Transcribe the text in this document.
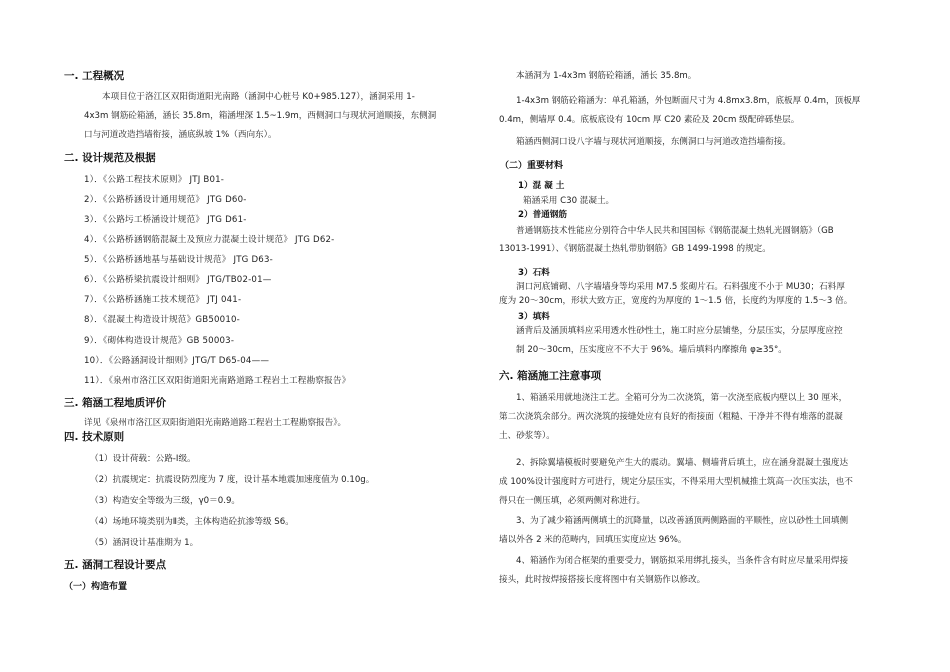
一. 工程概况
本项目位于洛江区双阳街道阳光南路（涵洞中心桩号 K0+985.127），涵洞采用 1-
4x3m 钢筋砼箱涵，涵长 35.8m，箱涵埋深 1.5~1.9m，西侧洞口与现状河道顺接，东侧洞
口与河道改造挡墙衔接，涵底纵坡 1%（西向东）。
二. 设计规范及根据
1）．《公路工程技术原则》 JTJ B01-
2）．《公路桥涵设计通用规范》 JTG D60-
3）．《公路圬工桥涵设计规范》 JTG D61-
4）．《公路桥涵钢筋混凝土及预应力混凝土设计规范》 JTG D62-
5）．《公路桥涵地基与基础设计规范》 JTG D63-
6）．《公路桥梁抗震设计细则》 JTG/TB02-01—
7）．《公路桥涵施工技术规范》 JTJ 041-
8）．《混凝土构造设计规范》GB50010-
9）．《砌体构造设计规范》GB 50003-
10）．《公路涵洞设计细则》JTG/T D65-04——
11）．《泉州市洛江区双阳街道阳光南路道路工程岩土工程勘察报告》
三. 箱涵工程地质评价
详见《泉州市洛江区双阳街道阳光南路道路工程岩土工程勘察报告》。
四. 技术原则
（1）设计荷载：公路-Ⅰ级。
（2）抗震规定：抗震设防烈度为 7 度，设计基本地震加速度值为 0.10g。
（3）构造安全等级为三级，γ0＝0.9。
（4）场地环境类别为Ⅱ类，主体构造砼抗渗等级 S6。
（5）涵洞设计基准期为 1。
五. 涵洞工程设计要点
（一）构造布置
本涵洞为 1-4x3m 钢筋砼箱涵，涵长 35.8m。
1-4x3m 钢筋砼箱涵为：单孔箱涵，外包断面尺寸为 4.8mx3.8m，底板厚 0.4m，顶板厚
0.4m，侧墙厚 0.4。底板底设有 10cm 厚 C20 素砼及 20cm 级配碎砾垫层。
箱涵西侧洞口设八字墙与现状河道顺接，东侧洞口与河道改造挡墙衔接。
（二）重要材料
1）混 凝 土
箱涵采用 C30 混凝土。
2）普通钢筋
普通钢筋技术性能应分别符合中华人民共和国国标《钢筋混凝土热轧光圆钢筋》（GB
13013-1991）、《钢筋混凝土热轧带肋钢筋》GB 1499-1998 的规定。
3）石料
洞口河底铺砌、八字墙墙身等均采用 M7.5 浆砌片石。石料强度不小于 MU30；石料厚
度为 20～30cm，形状大致方正，宽度约为厚度的 1～1.5 倍，长度约为厚度的 1.5～3 倍。
3）填料
涵背后及涵顶填料应采用透水性砂性土，施工时应分层铺垫，分层压实，分层厚度应控
制 20～30cm，压实度应不不大于 96%。墙后填料内摩擦角 φ≥35°。
六. 箱涵施工注意事项
1、箱涵采用就地浇注工艺。全箱可分为二次浇筑，第一次浇至底板内壁以上 30 厘米，
第二次浇筑余部分。两次浇筑的接缝处应有良好的衔接面（粗糙、干净并不得有堆落的混凝
土、砂浆等）。
2、拆除翼墙模板时要避免产生大的震动。翼墙、侧墙背后填土，应在涵身混凝土强度达
成 100%设计强度时方可进行，规定分层压实，不得采用大型机械推土筑高一次压实法，也不
得只在一侧压填，必须两侧对称进行。
3、为了减少箱涵两侧填土的沉降量，以改善涵顶两侧路面的平顺性，应以砂性土回填侧
墙以外各 2 米的范畴内，回填压实度应达 96%。
4、箱涵作为闭合框架的重要受力，钢筋拟采用绑扎接头，当条件含有时应尽量采用焊接
接头，此时按焊接搭接长度将图中有关钢筋作以修改。
